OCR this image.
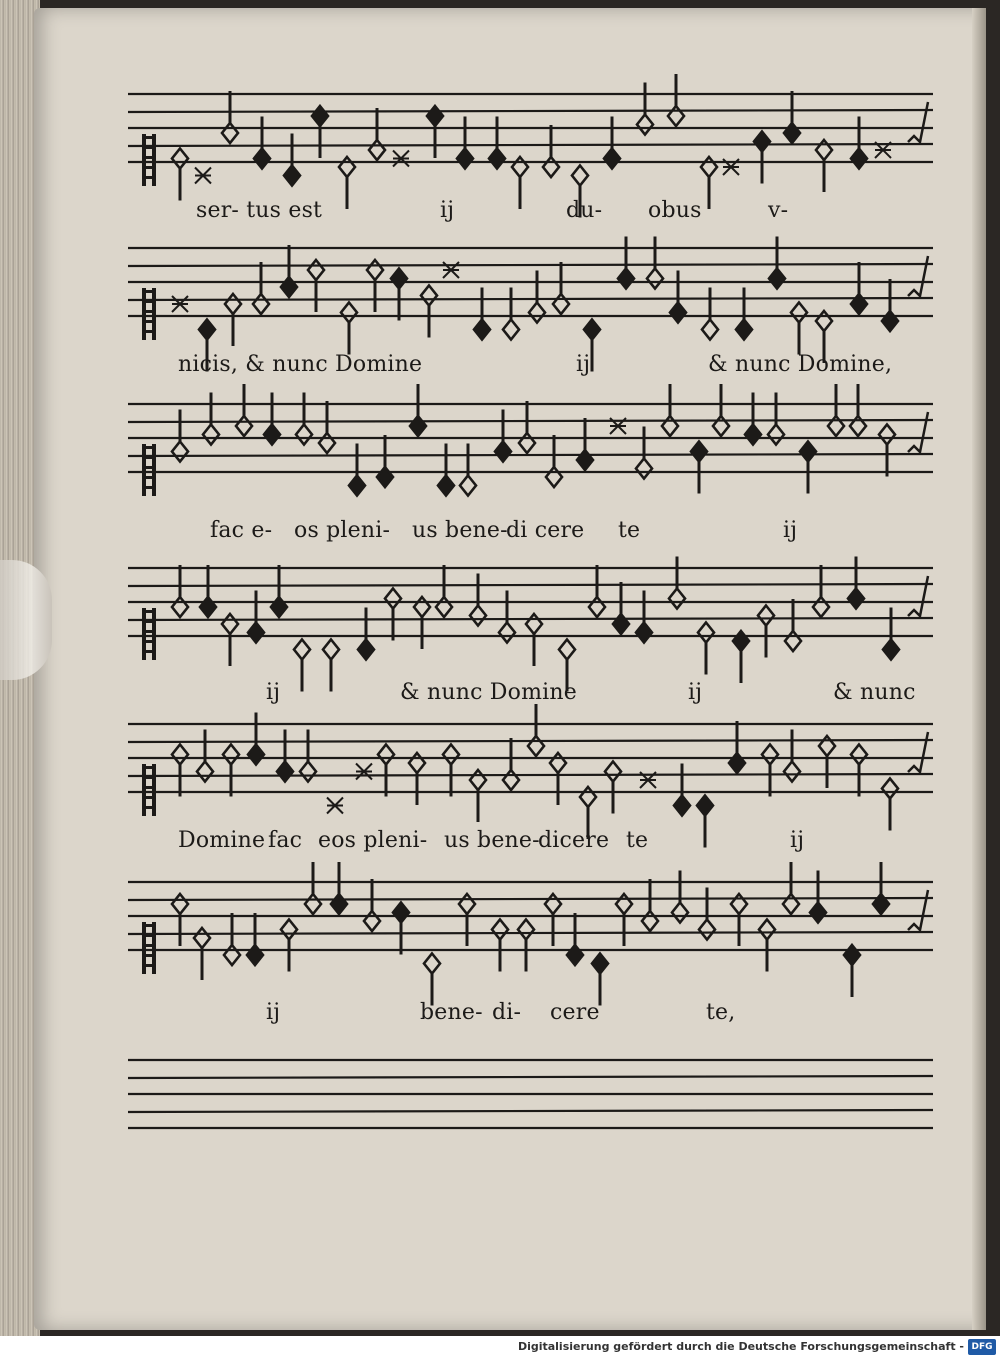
ser- tus est	ij	du- obus	v-
nicis, & nunc Domine	ij	& nunc Domine,
fac e- os pleni- us bene-
di cere te	ij
ij	& nunc Domine	ij	& nunc
Domine fac eos pleni- us bene-
dicere te	ij
ij	bene- di- cere	te,
Digitalisierung gefördert durch die Deutsche Forschungsgemeinschaft - DFG
